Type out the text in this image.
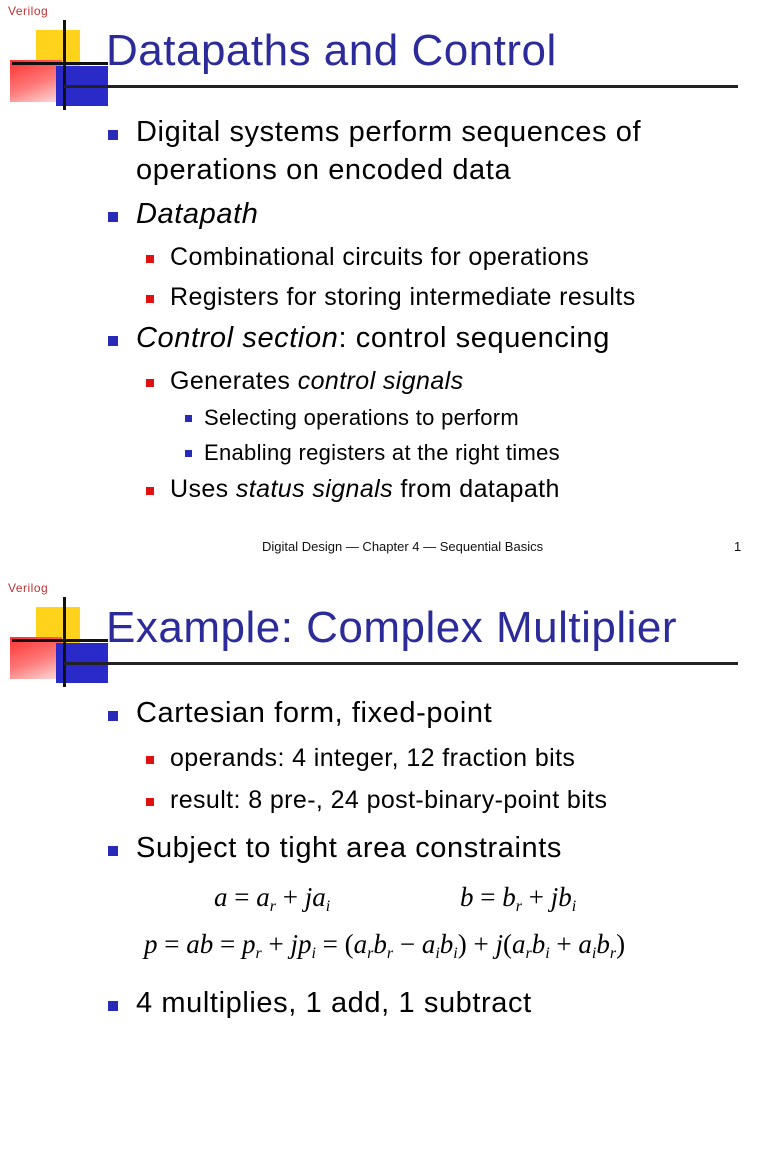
Verilog
Datapaths and Control
Digital systems perform sequences of
operations on encoded data
Datapath
Combinational circuits for operations
Registers for storing intermediate results
Control section: control sequencing
Generates control signals
Selecting operations to perform
Enabling registers at the right times
Uses status signals from datapath
Digital Design — Chapter 4 — Sequential Basics	1
Verilog
Example: Complex Multiplier
Cartesian form, fixed-point
operands: 4 integer, 12 fraction bits
result: 8 pre-, 24 post-binary-point bits
Subject to tight area constraints
$a = a_r + ja_i$	$b = b_r + jb_i$
p = ab = $p_r + jp_i = (a_rb_r - a_ib_i) + j(a_rb_i + a_ib_r)$
4 multiplies, 1 add, 1 subtract
